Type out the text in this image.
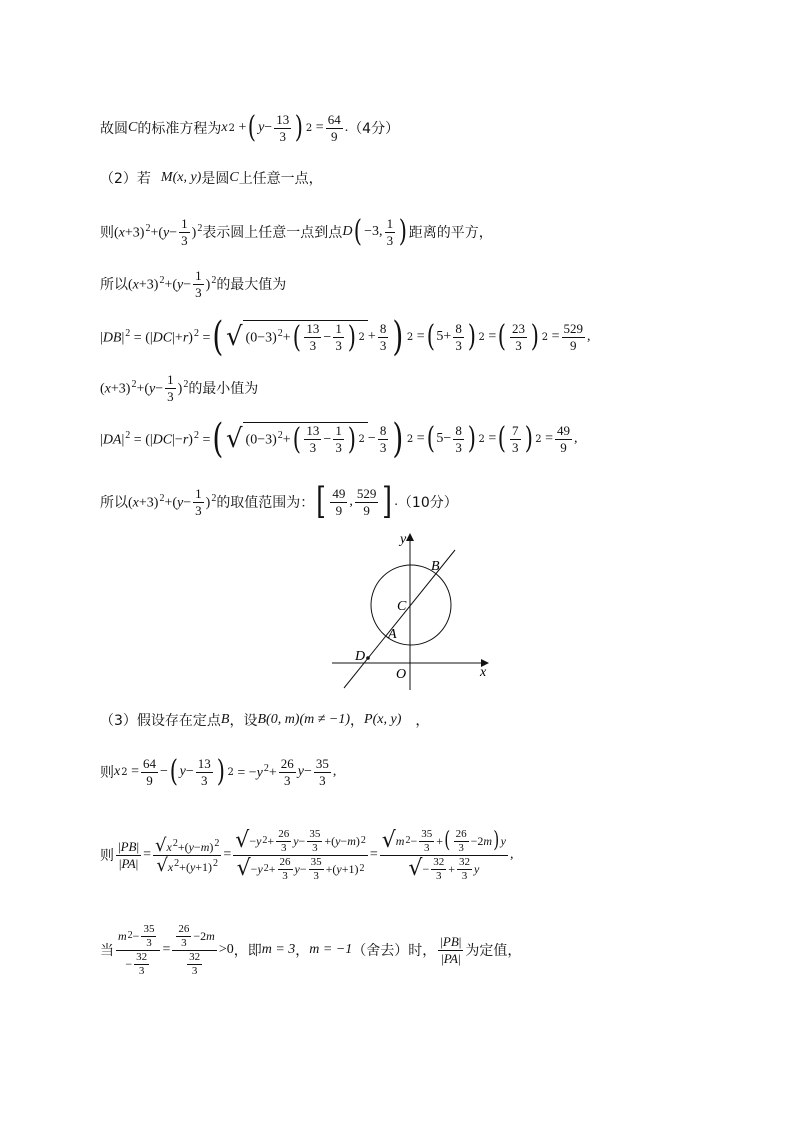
故圆 C 的标准方程为 x 2 + ( $y - \frac{13}{3}$ ) $2 = \frac{64}{9}$ . （4分）
（2）若 M(x, y) 是圆 C 上任意一点，
则 $(x+3)^2+(y- \frac{1}{3} )^2$ 表示圆上任意一点到点 D ( −3, $\frac{1}{3}$ ) 距离的平方，
所以 $(x+3)^2+(y- \frac{1}{3} )^2$ 的最大值为
$|DB|^2 = (|DC|+r)^2$ = ( √ $(0-3)^2+$ ( $\frac{13}{3} - \frac{1}{3}$ ) $2 + \frac{8}{3}$ ) 2 = ( $5+ \frac{8}{3}$ ) 2 = ( $\frac{23}{3}$ ) $2 = \frac{529}{9}$ ,
$(x+3)^2+(y- \frac{1}{3} )^2$ 的最小值为
$|DA|^2 = (|DC|-r)^2$ = ( √ $(0-3)^2+$ ( $\frac{13}{3} - \frac{1}{3}$ ) $2 - \frac{8}{3}$ ) 2 = ( $5- \frac{8}{3}$ ) 2 = ( $\frac{7}{3}$ ) $2 = \frac{49}{9}$ ,
所以 $(x+3)^2+(y- \frac{1}{3} )^2$ 的取值范围为： [ $\frac{49}{9}$ , $\frac{529}{9}$ ] . （10分）
y
x
B
C
A
D
O
（3）假设存在定点 B ，设 B(0, m)(m ≠ −1) ， P(x, y) ，
则 x $2 = \frac{64}{9}$ − ( $y - \frac{13}{3}$ ) $2 = -y^2+ \frac{26}{3}$ $y - \frac{35}{3}$ ,
则 $\frac{|PB|}{|PA|} = \frac{√x^2+(y-m)^2}{√x^2+(y+1)^2} = \frac{√ - y 2 + \frac{26}{3} y - \frac{35}{3} +( y - m ) 2}{√ - y 2 + \frac{26}{3} y - \frac{35}{3} +( y +1) 2} = \frac{√ m 2 - \frac{35}{3} + ( \frac{26}{3} -2 m ) y}{√ - \frac{32}{3} + \frac{32}{3} y}$ ,
当 $\frac{m 2 - \frac{35}{3}}{- \frac{32}{3}} = \frac{\frac{26}{3} -2 m}{\frac{32}{3}} >0$ ，即 m = 3 ， m = −1 （舍去）时， $\frac{|PB|}{|PA|}$ 为定值，
